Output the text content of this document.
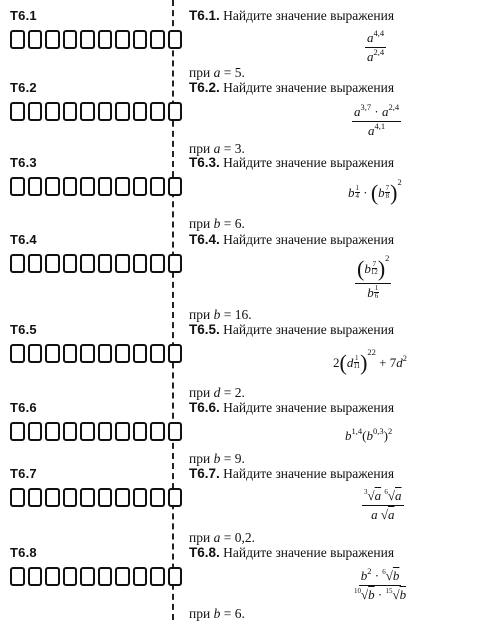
T6.1
T6.2
T6.3
T6.4
T6.5
T6.6
T6.7
T6.8
T6.1. Найдите значение выражения
при a = 5.
T6.2. Найдите значение выражения
при a = 3.
T6.3. Найдите значение выражения
при b = 6.
T6.4. Найдите значение выражения
при b = 16.
T6.5. Найдите значение выражения
при d = 2.
T6.6. Найдите значение выражения
при b = 9.
T6.7. Найдите значение выражения
при a = 0,2.
T6.8. Найдите значение выражения
при b = 6.
$\frac{a^{4,4}}{a^{2,4}}$
$\frac{a^{3,7} \cdot a^{2,4}}{a^{4,1}}$
b $\frac{1}{4} \cdot (b \frac{7}{8} )^2$
$\frac{(b \frac{7}{12} )^2}{b \frac{1}{6}}$
$2(d \frac{1}{11} )^{22} + 7d^2$
$b^{1,4}(b^{0,3})^2$
$\frac{^3√a ^6√a}{a √a}$
$\frac{b^2 \cdot ^6√b}{^{10}√b \cdot ^{15}√b}$
